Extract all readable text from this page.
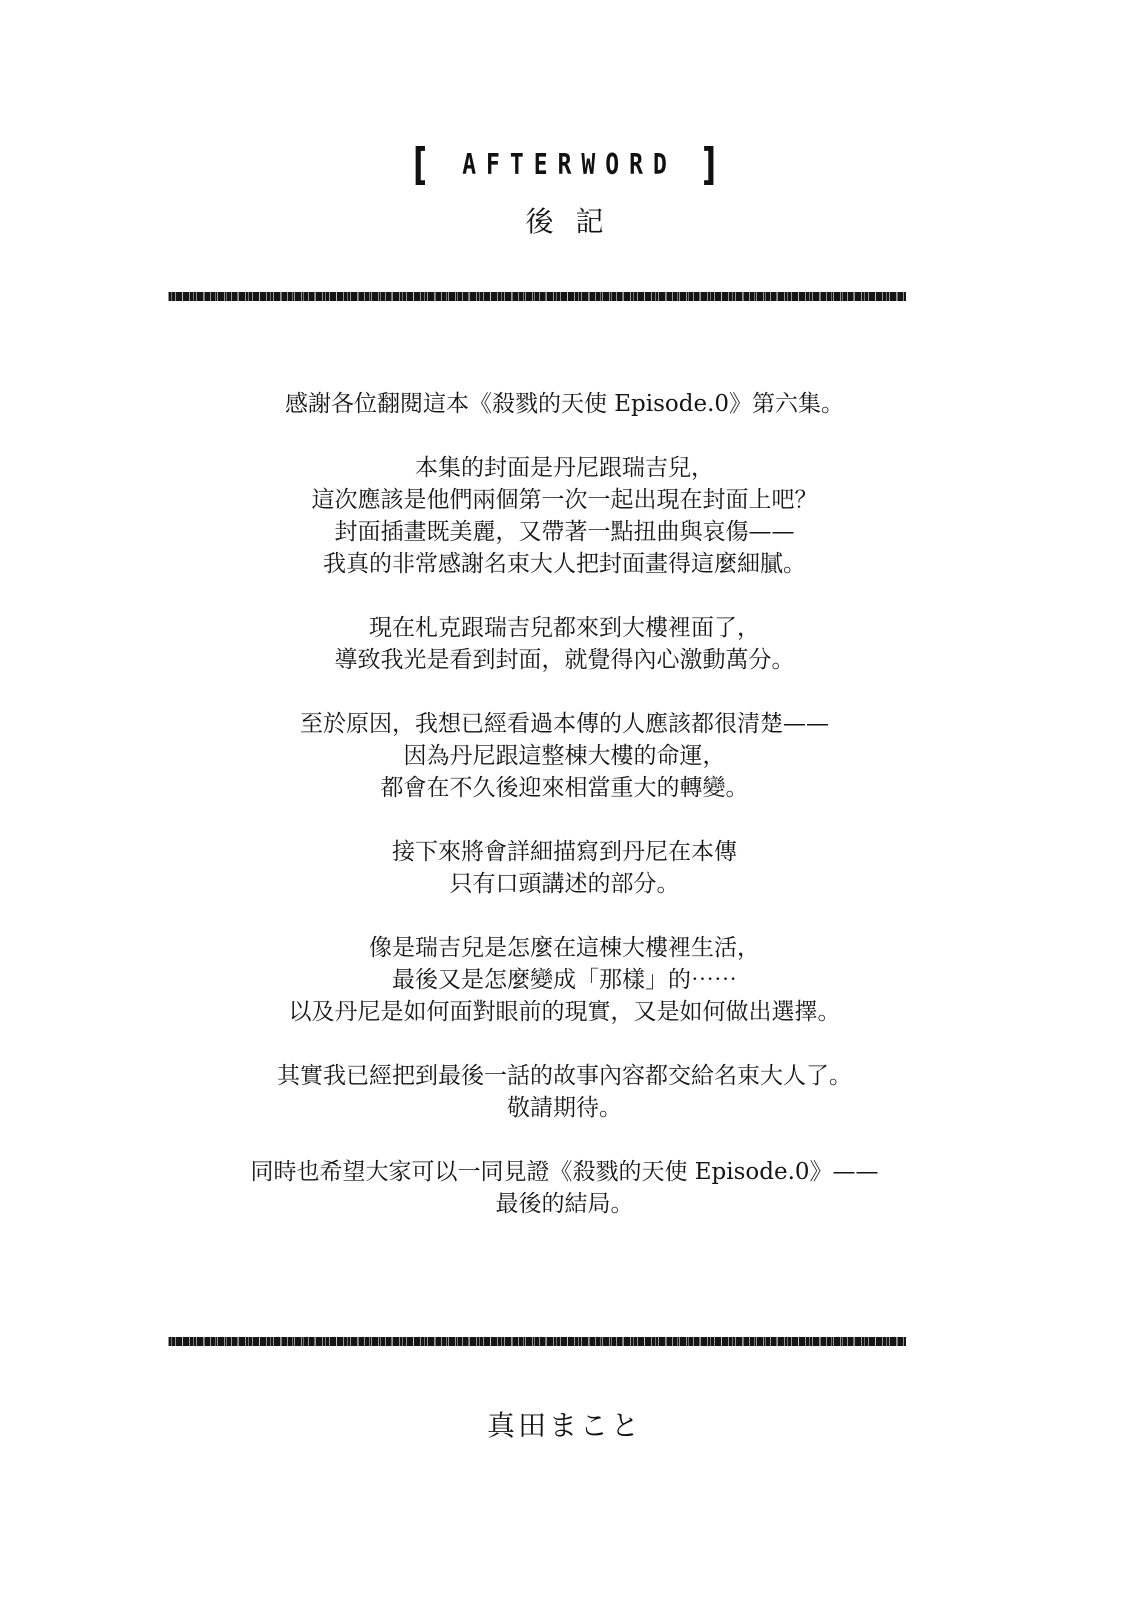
[ AFTERWORD ]
後記
感謝各位翻閱這本《殺戮的天使 Episode.0》第六集。
本集的封面是丹尼跟瑞吉兒，
這次應該是他們兩個第一次一起出現在封面上吧？
封面插畫既美麗，又帶著一點扭曲與哀傷——
我真的非常感謝名束大人把封面畫得這麼細膩。
現在札克跟瑞吉兒都來到大樓裡面了，
導致我光是看到封面，就覺得內心激動萬分。
至於原因，我想已經看過本傳的人應該都很清楚——
因為丹尼跟這整棟大樓的命運，
都會在不久後迎來相當重大的轉變。
接下來將會詳細描寫到丹尼在本傳
只有口頭講述的部分。
像是瑞吉兒是怎麼在這棟大樓裡生活，
最後又是怎麼變成「那樣」的⋯⋯
以及丹尼是如何面對眼前的現實，又是如何做出選擇。
其實我已經把到最後一話的故事內容都交給名束大人了。
敬請期待。
同時也希望大家可以一同見證《殺戮的天使 Episode.0》——
最後的結局。
真田まこと
